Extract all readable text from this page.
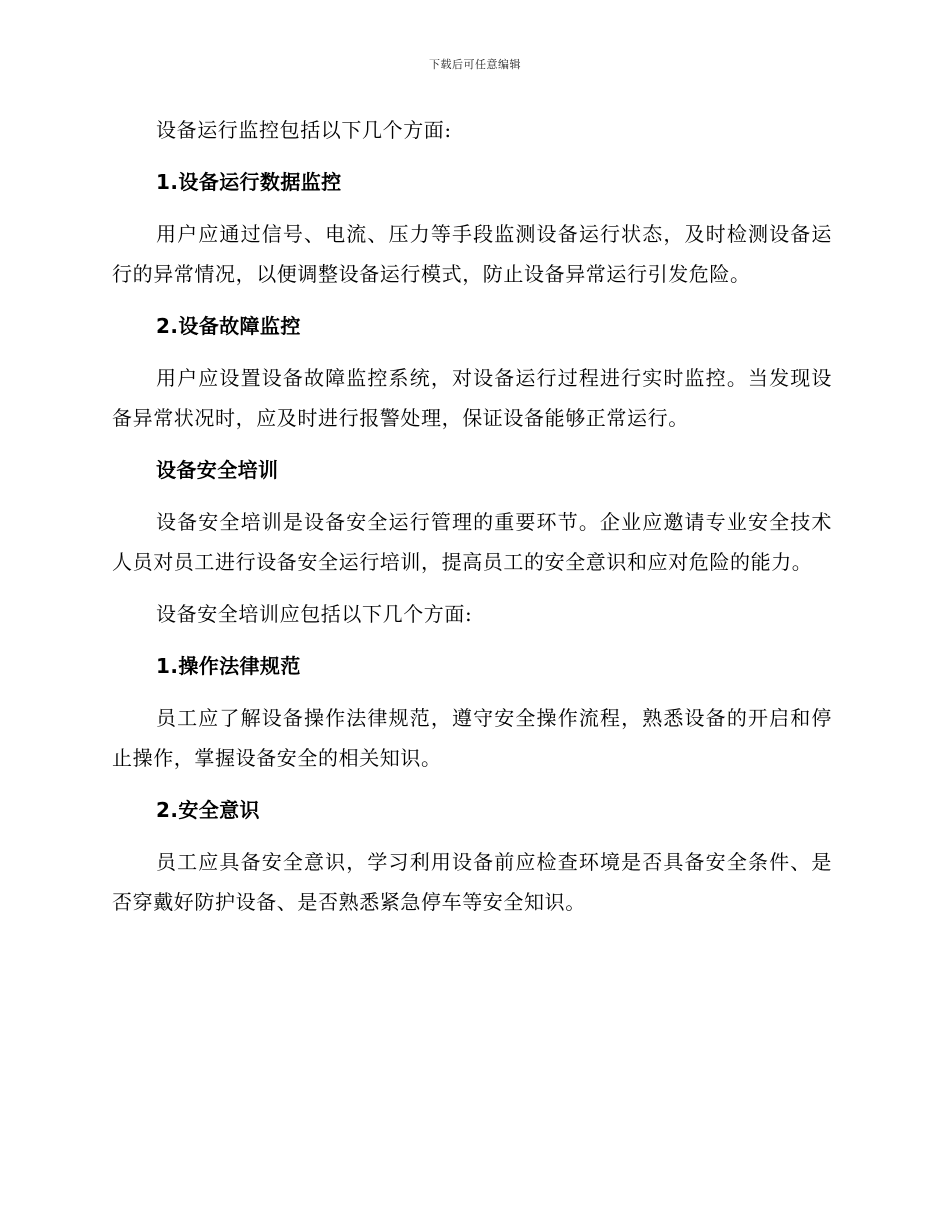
下载后可任意编辑

设备运行监控包括以下几个方面:

1.设备运行数据监控

用户应通过信号、电流、压力等手段监测设备运行状态，及时检测设备运行的异常情况，以便调整设备运行模式，防止设备异常运行引发危险。

2.设备故障监控

用户应设置设备故障监控系统，对设备运行过程进行实时监控。当发现设备异常状况时，应及时进行报警处理，保证设备能够正常运行。

设备安全培训

设备安全培训是设备安全运行管理的重要环节。企业应邀请专业安全技术人员对员工进行设备安全运行培训，提高员工的安全意识和应对危险的能力。

设备安全培训应包括以下几个方面:

1.操作法律规范

员工应了解设备操作法律规范，遵守安全操作流程，熟悉设备的开启和停止操作，掌握设备安全的相关知识。

2.安全意识

员工应具备安全意识，学习利用设备前应检查环境是否具备安全条件、是否穿戴好防护设备、是否熟悉紧急停车等安全知识。
